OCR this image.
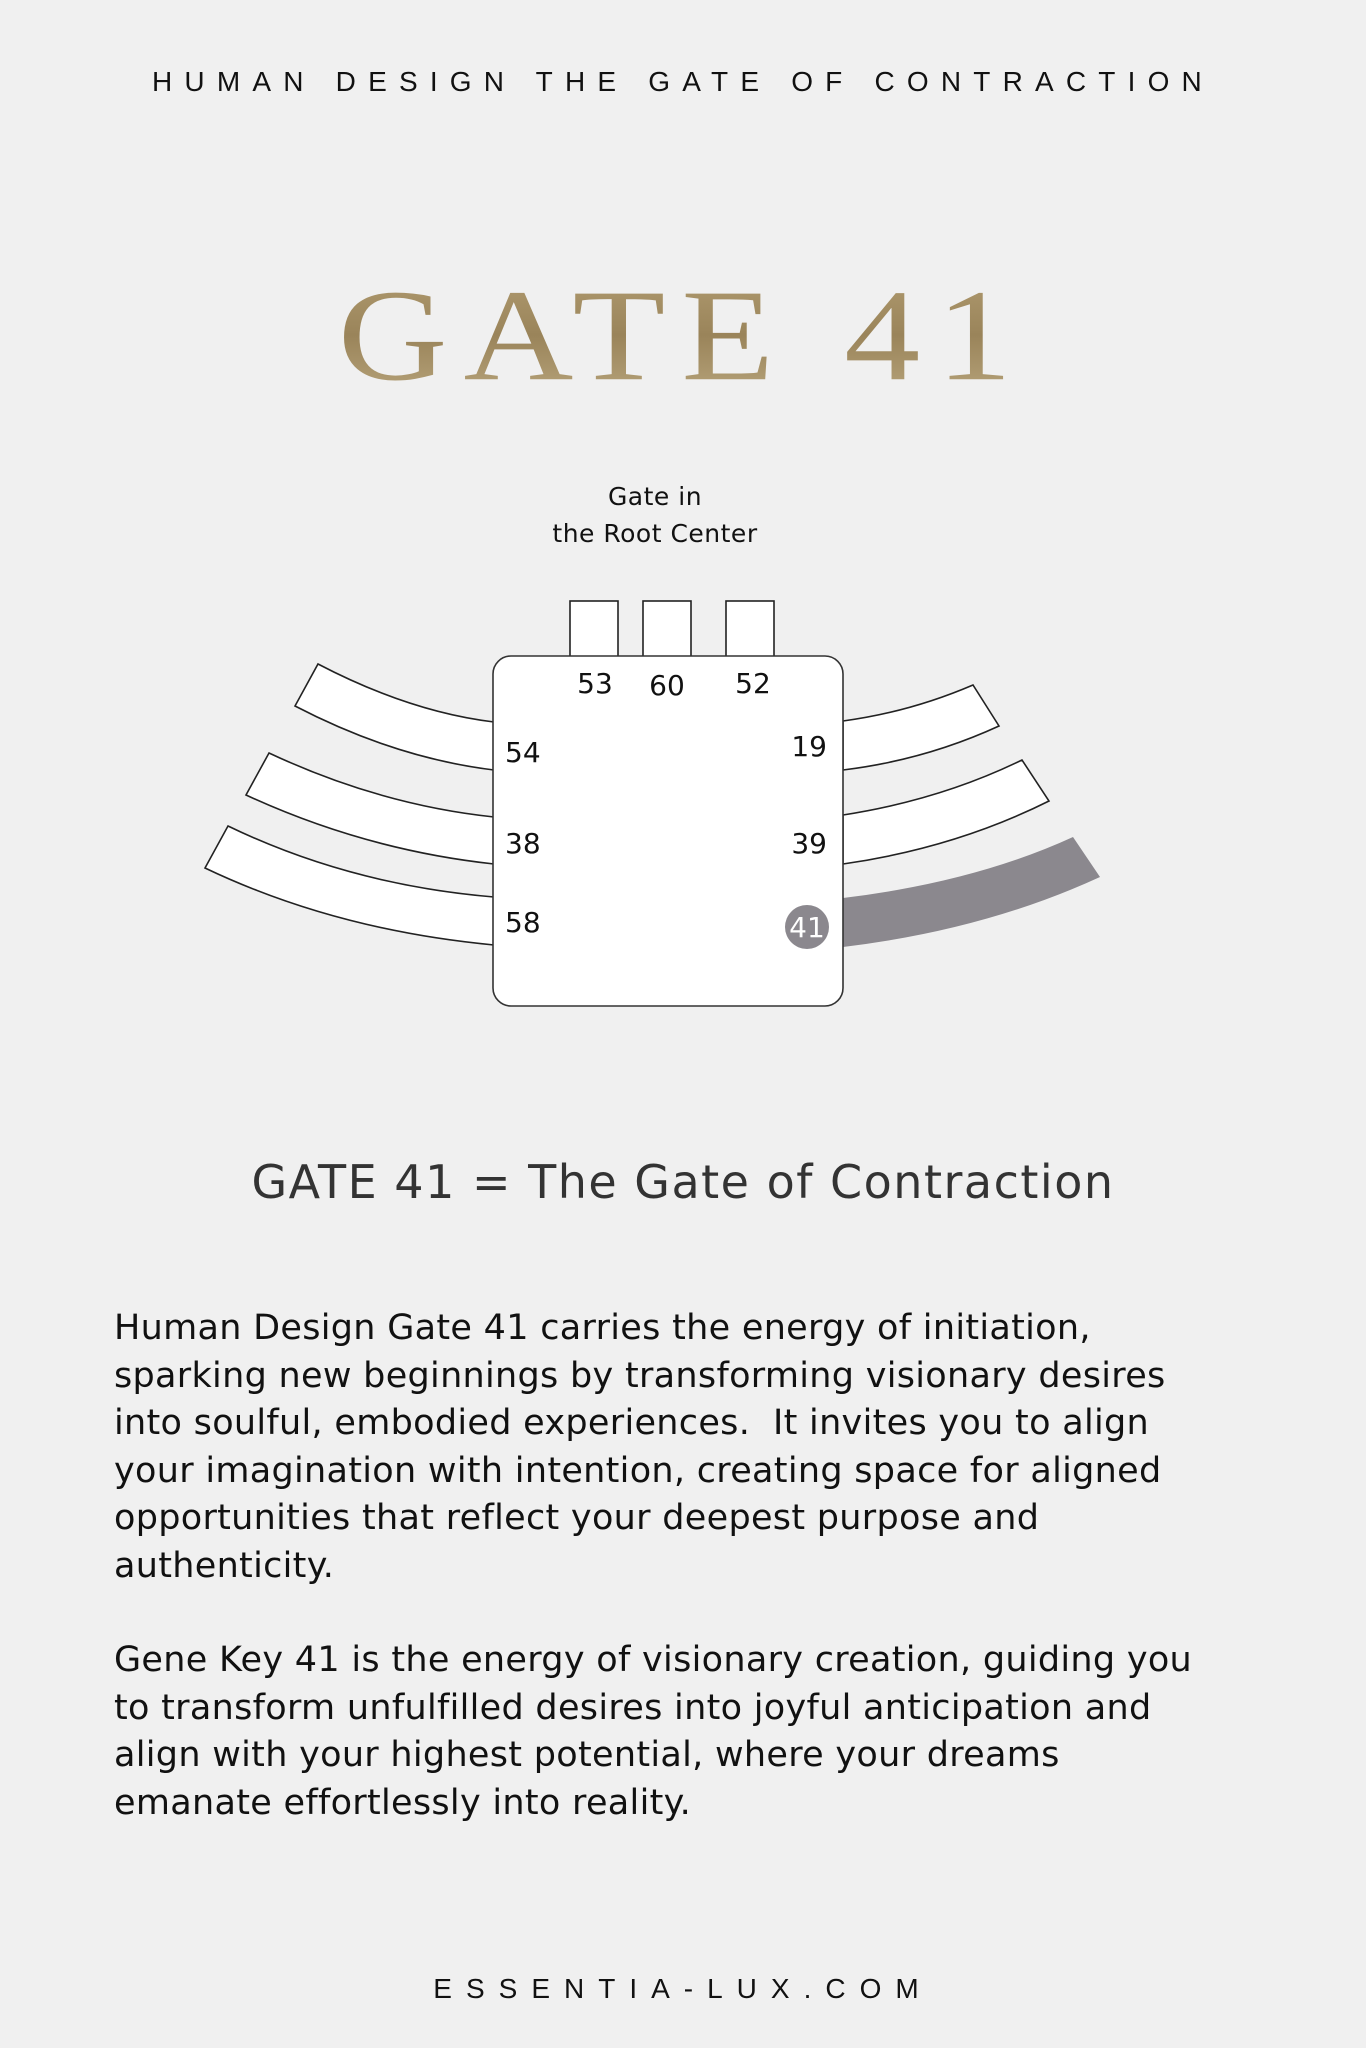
HUMAN DESIGN THE GATE OF CONTRACTION
GATE 41
Gate in
the Root Center
53 60 52
54
38
58
19
39
41
GATE 41 = The Gate of Contraction

Human Design Gate 41 carries the energy of initiation,

sparking new beginnings by transforming visionary desires

into soulful, embodied experiences.  It invites you to align

your imagination with intention, creating space for aligned

opportunities that reflect your deepest purpose and

authenticity.

Gene Key 41 is the energy of visionary creation, guiding you

to transform unfulfilled desires into joyful anticipation and

align with your highest potential, where your dreams

emanate effortlessly into reality.

ESSENTIA-LUX.COM
